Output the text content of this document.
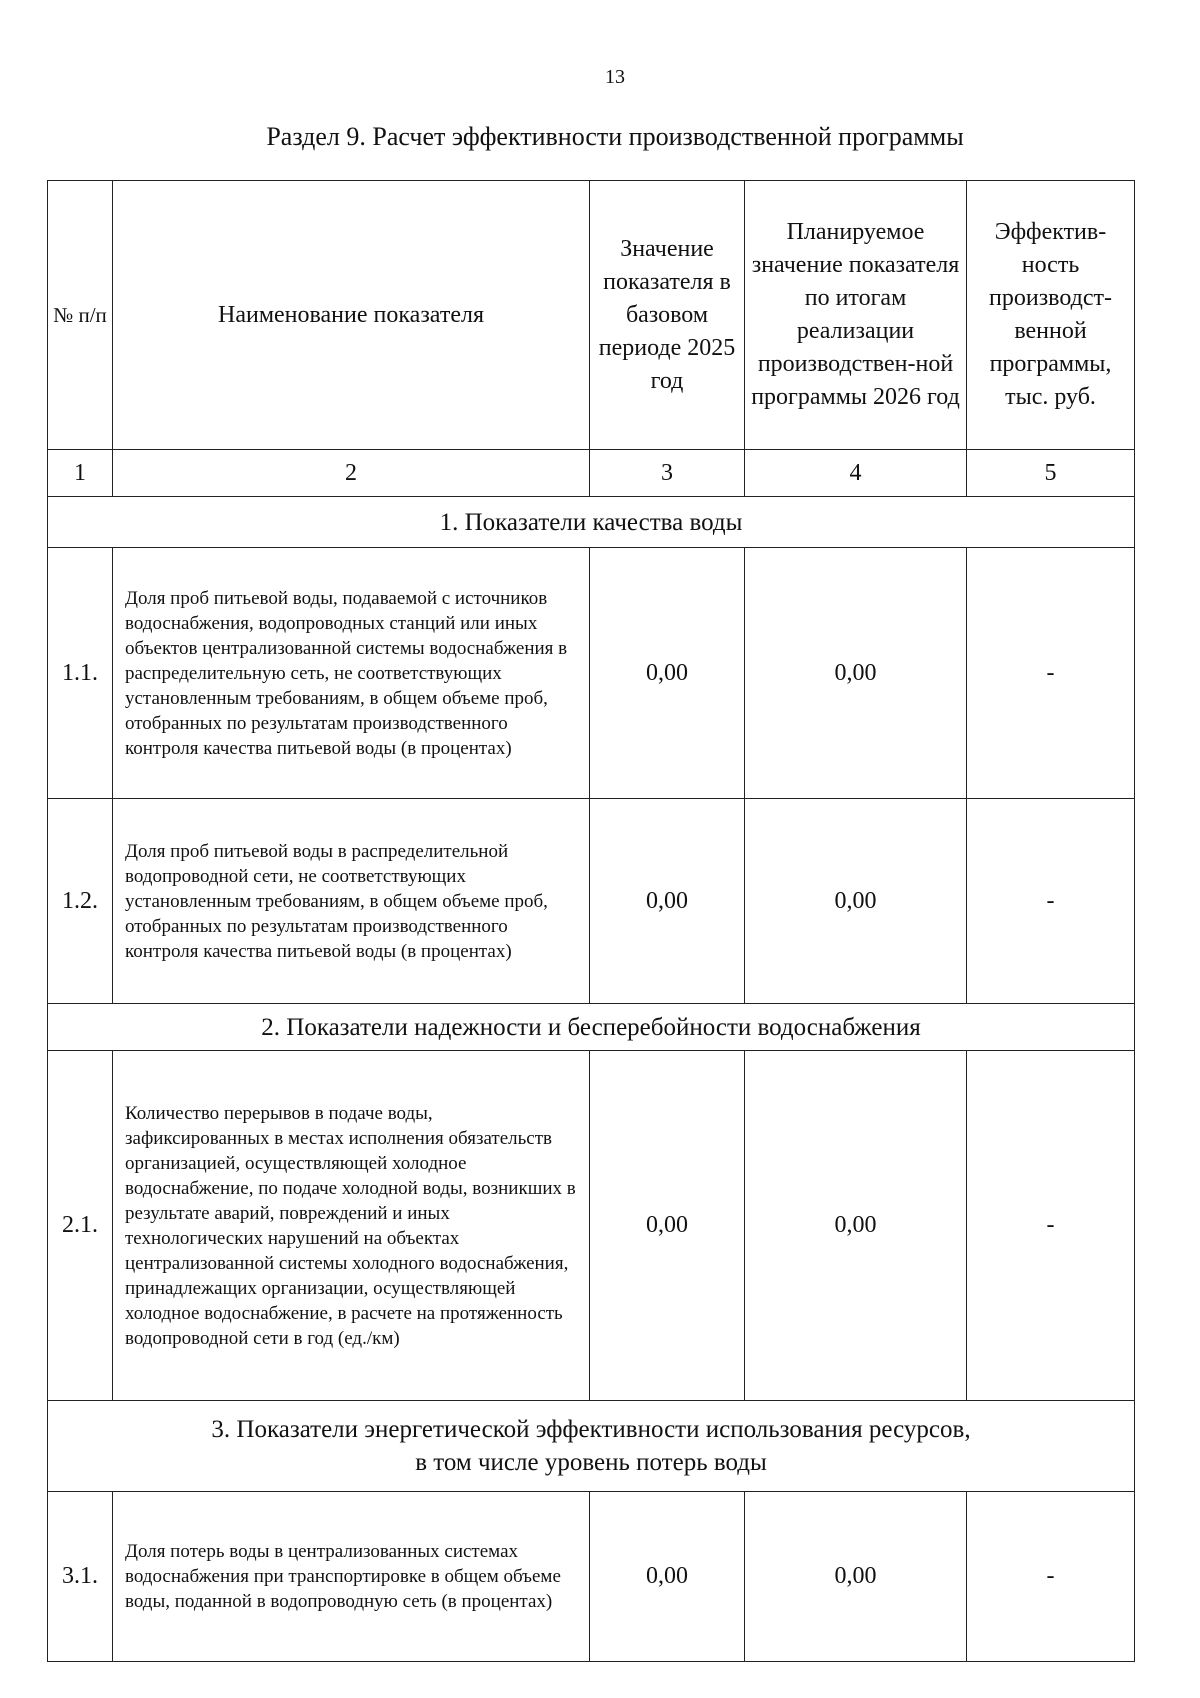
13
Раздел 9. Расчет эффективности производственной программы
№ п/п	Наименование показателя	Значение показателя в базовом периоде 2025 год	Планируемое значение показателя по итогам реализации производствен-ной программы 2026 год	Эффектив-ность производст-венной программы, тыс. руб.
1	2	3	4	5
1. Показатели качества воды				
1.1.	Доля проб питьевой воды, подаваемой с источников водоснабжения, водопроводных станций или иных объектов централизованной системы водоснабжения в распределительную сеть, не соответствующих установленным требованиям, в общем объеме проб, отобранных по результатам производственного контроля качества питьевой воды (в процентах)	0,00	0,00	-
1.2.	Доля проб питьевой воды в распределительной водопроводной сети, не соответствующих установленным требованиям, в общем объеме проб, отобранных по результатам производственного контроля качества питьевой воды (в процентах)	0,00	0,00	-
2. Показатели надежности и бесперебойности водоснабжения				
2.1.	Количество перерывов в подаче воды, зафиксированных в местах исполнения обязательств организацией, осуществляющей холодное водоснабжение, по подаче холодной воды, возникших в результате аварий, повреждений и иных технологических нарушений на объектах централизованной системы холодного водоснабжения, принадлежащих организации, осуществляющей холодное водоснабжение, в расчете на протяженность водопроводной сети в год (ед./км)	0,00	0,00	-

3. Показатели энергетической эффективности использования ресурсов,
в том числе уровень потерь воды				

3.1.	Доля потерь воды в централизованных системах водоснабжения при транспортировке в общем объеме воды, поданной в водопроводную сеть (в процентах)	0,00	0,00	-
